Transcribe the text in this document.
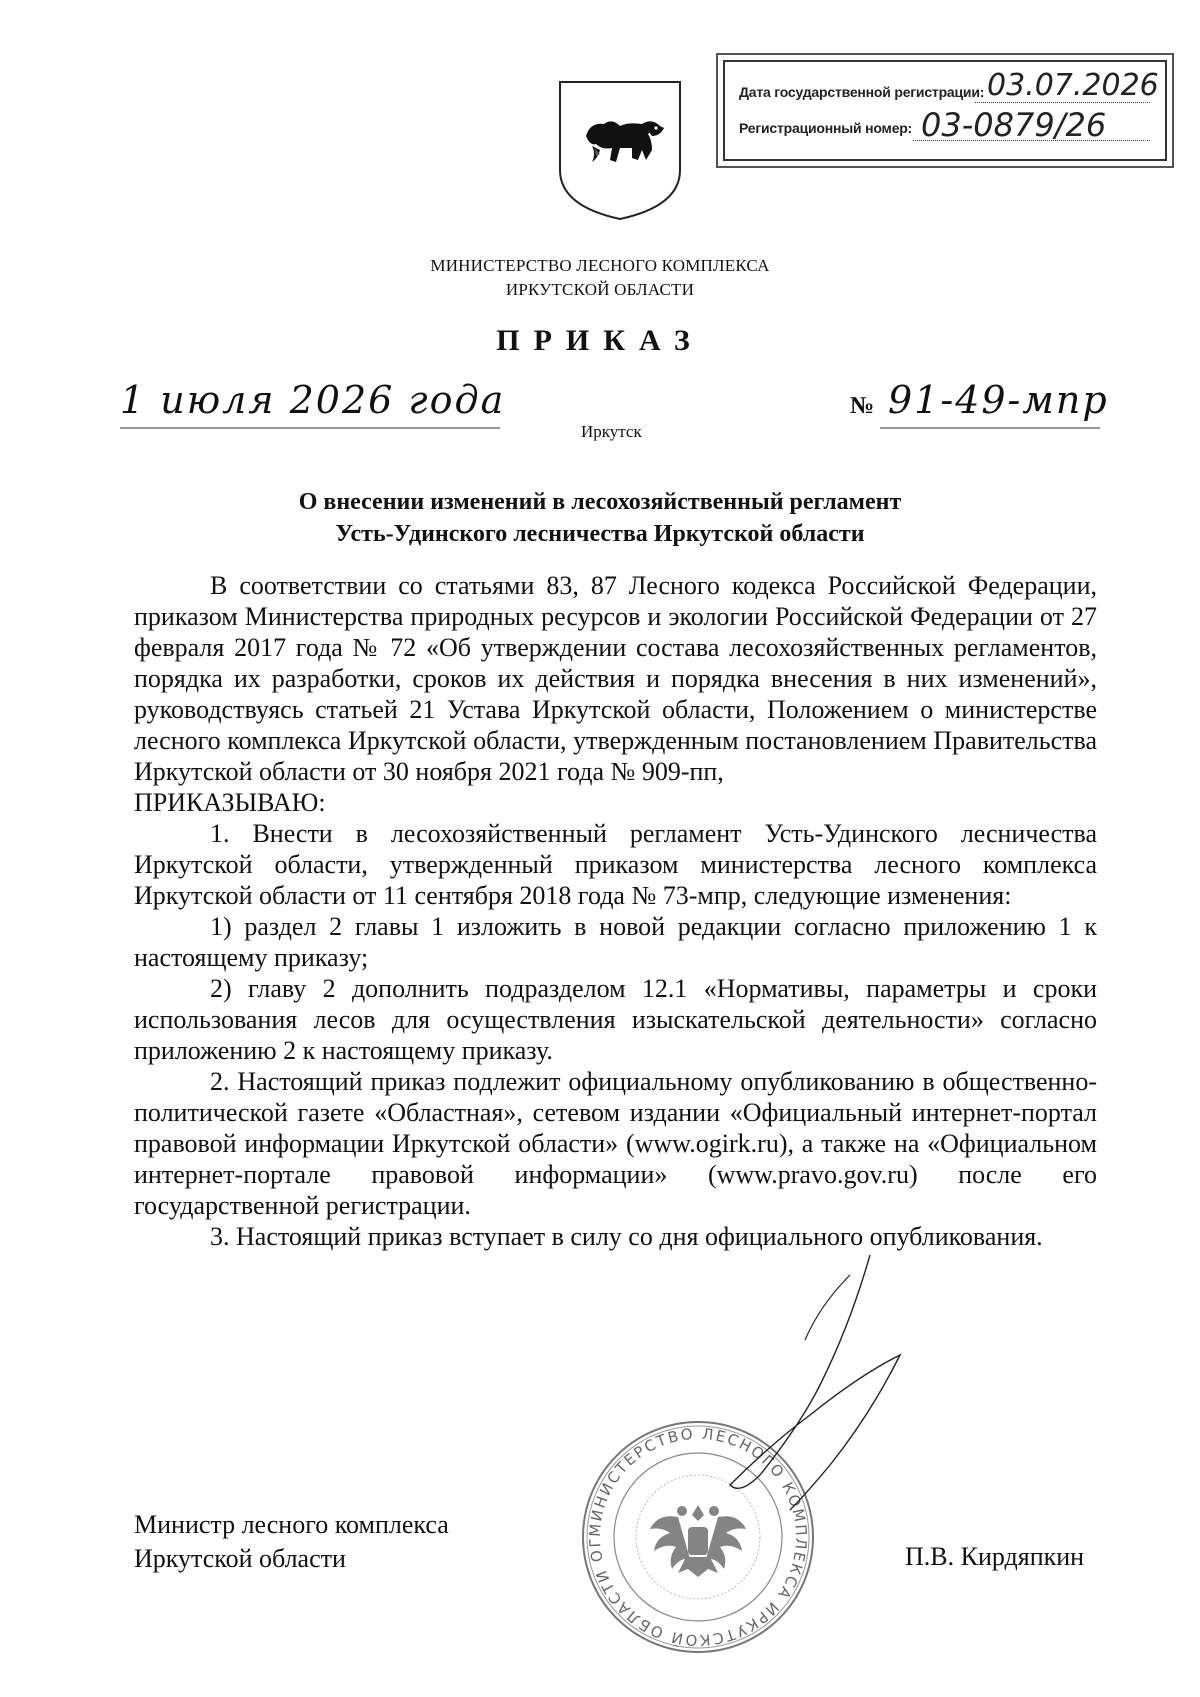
Дата государственной регистрации: 03.07.2026
Регистрационный номер: 03-0879/26
МИНИСТЕРСТВО ЛЕСНОГО КОМПЛЕКСА
ИРКУТСКОЙ ОБЛАСТИ
ПРИКАЗ
1 июля 2026 года	№ 91-49-мпр
Иркутск
О внесении изменений в лесохозяйственный регламент
Усть-Удинского лесничества Иркутской области

В соответствии со статьями 83, 87 Лесного кодекса Российской Федерации, приказом Министерства природных ресурсов и экологии Российской Федерации от 27 февраля 2017 года № 72 «Об утверждении состава лесохозяйственных регламентов, порядка их разработки, сроков их действия и порядка внесения в них изменений», руководствуясь статьей 21 Устава Иркутской области, Положением о министерстве лесного комплекса Иркутской области, утвержденным постановлением Правительства Иркутской области от 30 ноября 2021 года № 909-пп,

ПРИКАЗЫВАЮ:

1. Внести в лесохозяйственный регламент Усть-Удинского лесничества Иркутской области, утвержденный приказом министерства лесного комплекса Иркутской области от 11 сентября 2018 года № 73-мпр, следующие изменения:

1) раздел 2 главы 1 изложить в новой редакции согласно приложению 1 к настоящему приказу;

2) главу 2 дополнить подразделом 12.1 «Нормативы, параметры и сроки использования лесов для осуществления изыскательской деятельности» согласно приложению 2 к настоящему приказу.

2. Настоящий приказ подлежит официальному опубликованию в общественно-политической газете «Областная», сетевом издании «Официальный интернет-портал правовой информации Иркутской области» (www.ogirk.ru), а также на «Официальном интернет-портале правовой информации» (www.pravo.gov.ru) после его государственной регистрации.

3. Настоящий приказ вступает в силу со дня официального опубликования.

Министр лесного комплекса
Иркутской области	П.В. Кирдяпкин
МИНИСТЕРСТВО ЛЕСНОГО КОМПЛЕКСА ИРКУТСКОЙ ОБЛАСТИ ОГ
